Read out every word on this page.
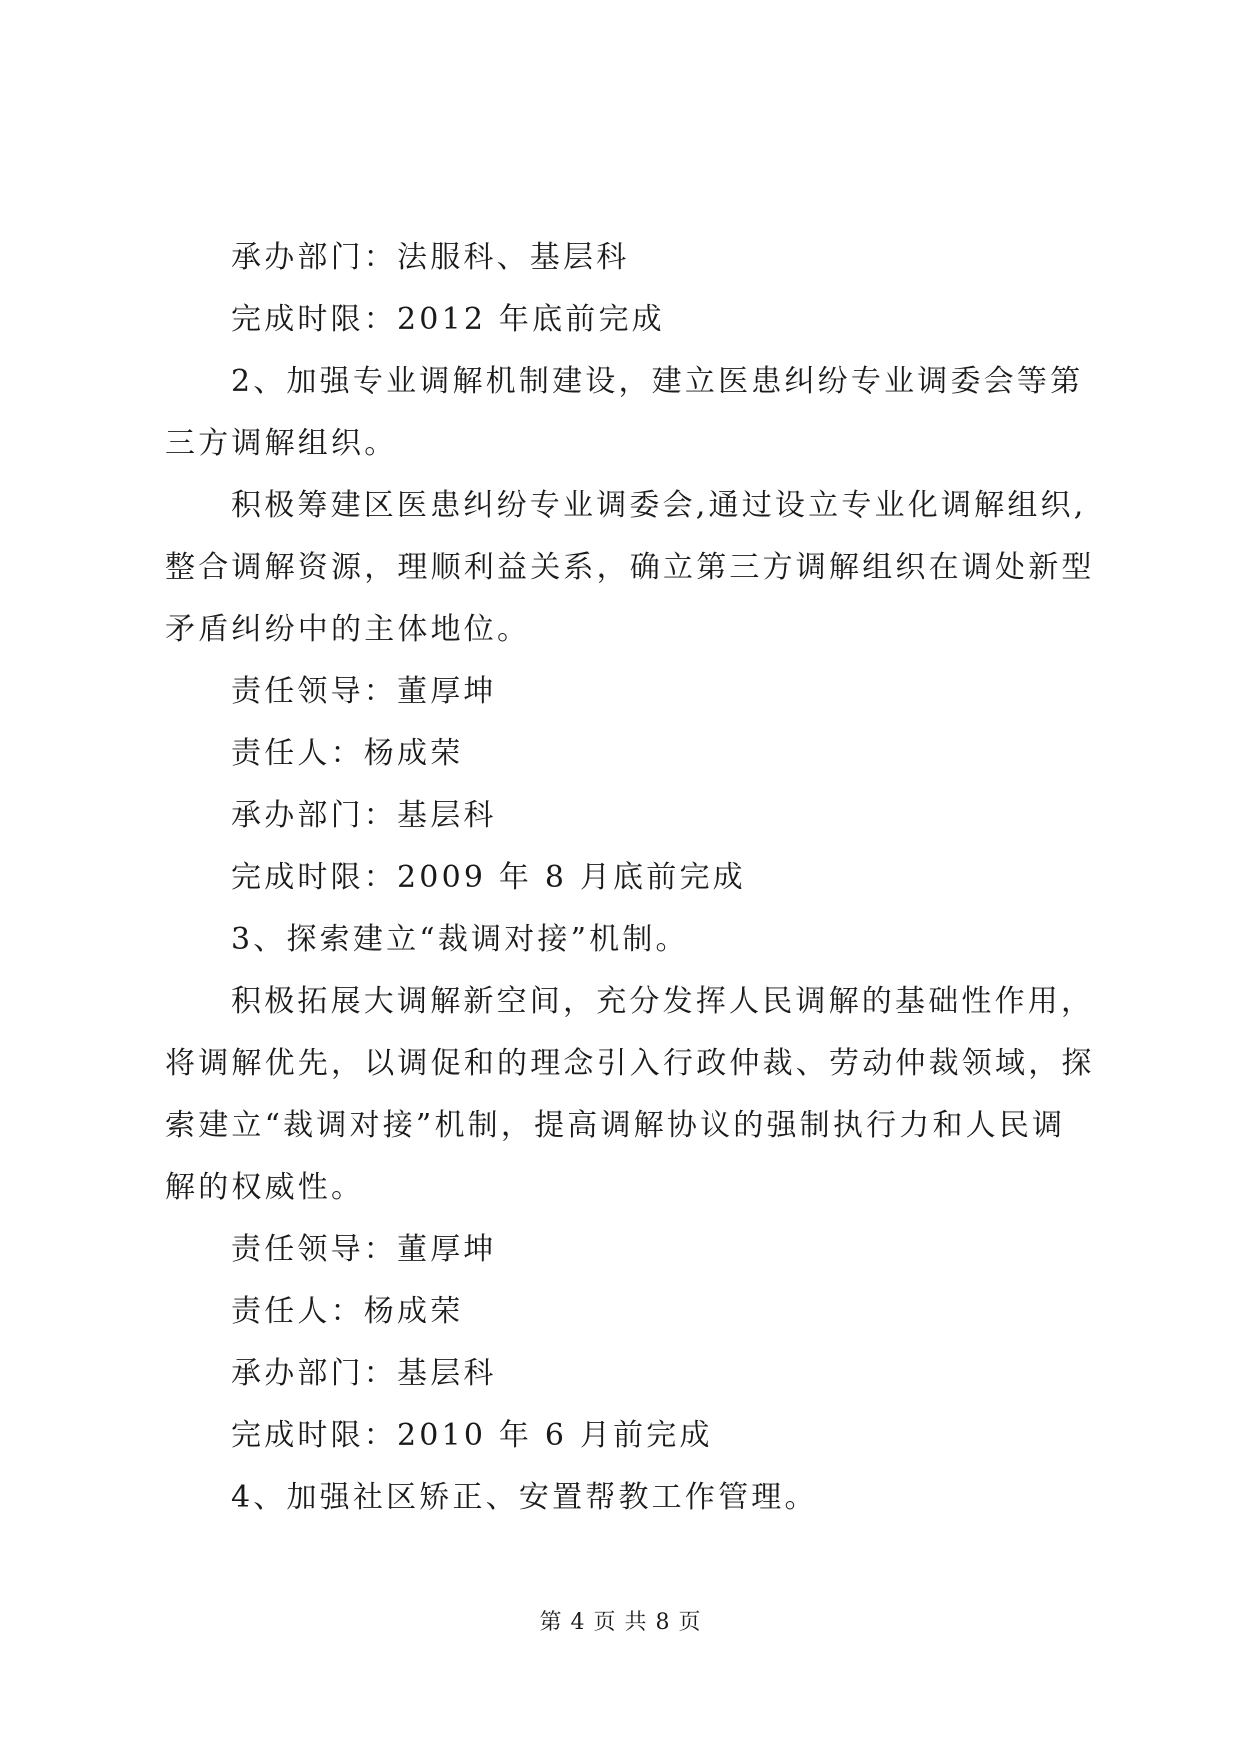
承办部门：法服科、基层科
完成时限：2012 年底前完成
2、加强专业调解机制建设，建立医患纠纷专业调委会等第
三方调解组织。
积极筹建区医患纠纷专业调委会,通过设立专业化调解组织,
整合调解资源，理顺利益关系，确立第三方调解组织在调处新型
矛盾纠纷中的主体地位。
责任领导：董厚坤
责任人：杨成荣
承办部门：基层科
完成时限：2009 年 8 月底前完成
3、探索建立“裁调对接”机制。
积极拓展大调解新空间，充分发挥人民调解的基础性作用，
将调解优先，以调促和的理念引入行政仲裁、劳动仲裁领域，探
索建立“裁调对接”机制，提高调解协议的强制执行力和人民调
解的权威性。
责任领导：董厚坤
责任人：杨成荣
承办部门：基层科
完成时限：2010 年 6 月前完成
4、加强社区矫正、安置帮教工作管理。
第 4 页 共 8 页
